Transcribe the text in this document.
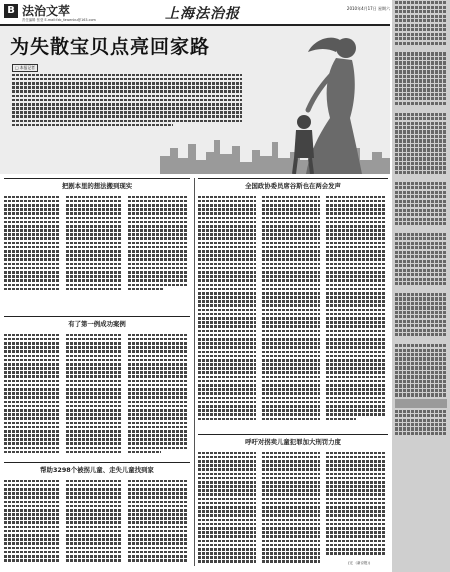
B 法治文萃
责任编辑 张莹 E-mail:fzb_fawenbu@163.com	上海法治报	2010年4月17日 星期六
为失散宝贝点亮回家路
□ 本报记者
把剧本里的想法搬到现实	全国政协委员席谷斯也在两会发声
有了第一例成功案例
呼吁对拐卖儿童犯罪加大刑罚力度
(完 《新京报》)
帮助3298个被拐儿童、走失儿童找到家
